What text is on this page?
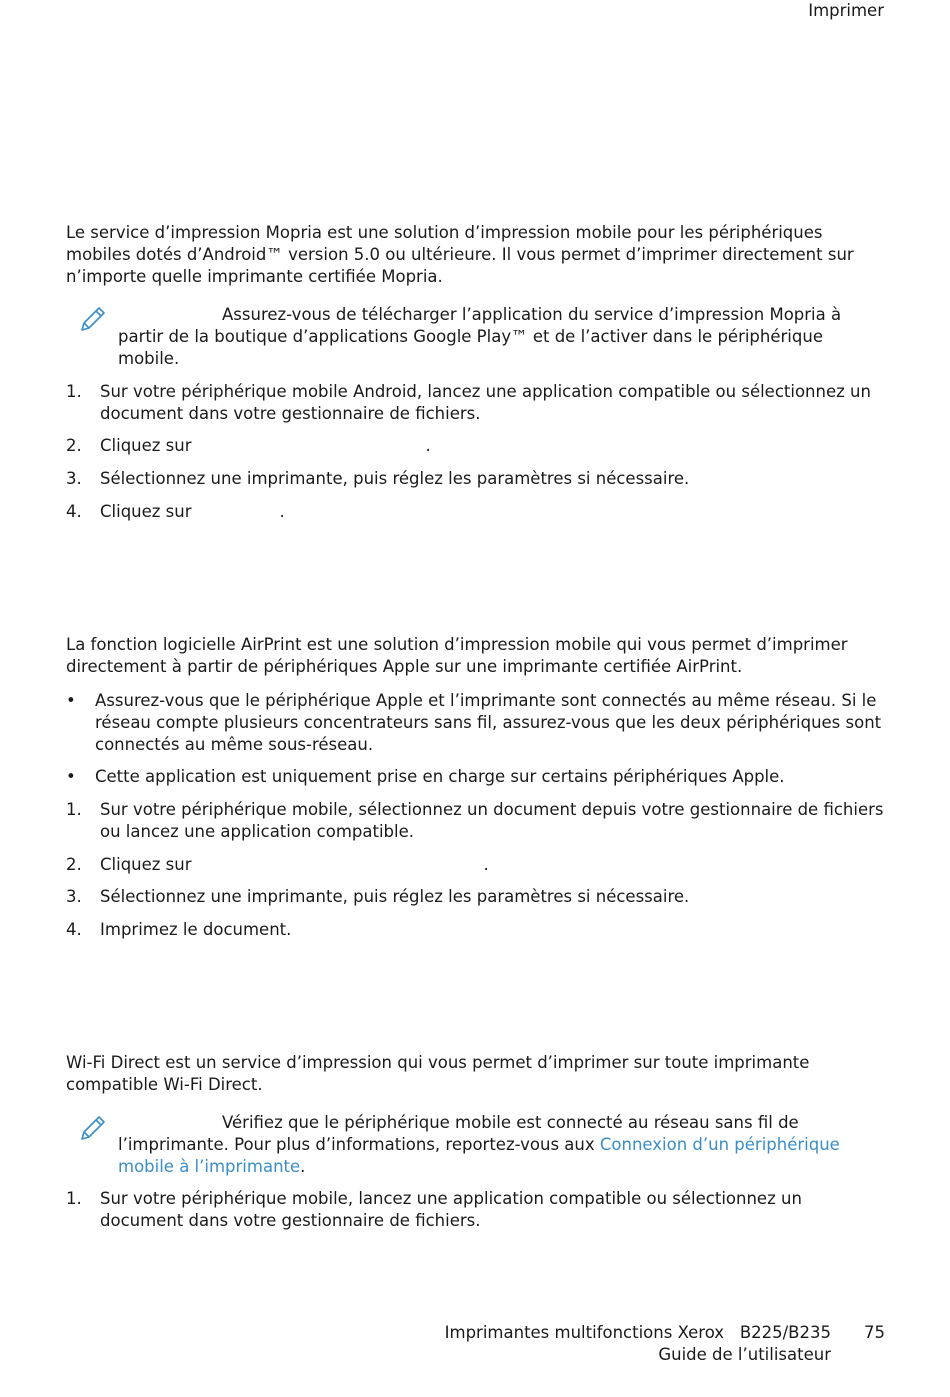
Imprimer
Le service d’impression Mopria est une solution d’impression mobile pour les périphériques mobiles dotés d’Android™ version 5.0 ou ultérieure. Il vous permet d’imprimer directement sur n’importe quelle imprimante certifiée Mopria.
Assurez-vous de télécharger l’application du service d’impression Mopria à partir de la boutique d’applications Google Play™ et de l’activer dans le périphérique mobile.
1. Sur votre périphérique mobile Android, lancez une application compatible ou sélectionnez un document dans votre gestionnaire de fichiers.
2. Cliquez sur	.
3. Sélectionnez une imprimante, puis réglez les paramètres si nécessaire.
4. Cliquez sur	.
La fonction logicielle AirPrint est une solution d’impression mobile qui vous permet d’imprimer directement à partir de périphériques Apple sur une imprimante certifiée AirPrint.
• Assurez-vous que le périphérique Apple et l’imprimante sont connectés au même réseau. Si le réseau compte plusieurs concentrateurs sans fil, assurez-vous que les deux périphériques sont connectés au même sous-réseau.
• Cette application est uniquement prise en charge sur certains périphériques Apple.
1. Sur votre périphérique mobile, sélectionnez un document depuis votre gestionnaire de fichiers ou lancez une application compatible.
2. Cliquez sur	.
3. Sélectionnez une imprimante, puis réglez les paramètres si nécessaire.
4. Imprimez le document.
Wi-Fi Direct est un service d’impression qui vous permet d’imprimer sur toute imprimante compatible Wi-Fi Direct.
Vérifiez que le périphérique mobile est connecté au réseau sans fil de l’imprimante. Pour plus d’informations, reportez-vous aux Connexion d’un périphérique mobile à l’imprimante.
1. Sur votre périphérique mobile, lancez une application compatible ou sélectionnez un document dans votre gestionnaire de fichiers.
Imprimantes multifonctions Xerox B225/B235
Guide de l’utilisateur
75
